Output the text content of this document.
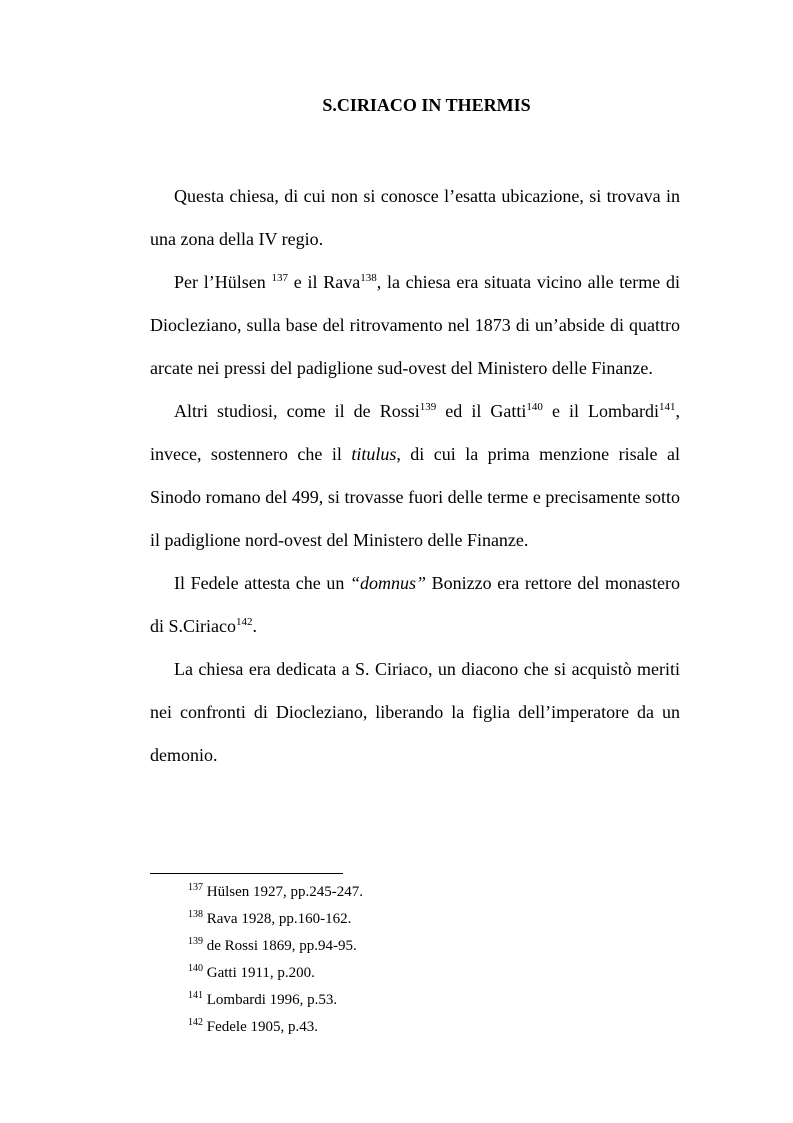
S.CIRIACO IN THERMIS

Questa chiesa, di cui non si conosce l’esatta ubicazione, si trovava in una zona della IV regio.

Per l’Hülsen $^{137}$ e il Rava$^{138}$, la chiesa era situata vicino alle terme di Diocleziano, sulla base del ritrovamento nel 1873 di un’abside di quattro arcate nei pressi del padiglione sud-ovest del Ministero delle Finanze.

Altri studiosi, come il de Rossi$^{139}$ ed il Gatti$^{140}$ e il Lombardi$^{141}$, invece, sostennero che il titulus, di cui la prima menzione risale al Sinodo romano del 499, si trovasse fuori delle terme e precisamente sotto il padiglione nord-ovest del Ministero delle Finanze.

Il Fedele attesta che un “domnus” Bonizzo era rettore del monastero di S.Ciriaco$^{142}$.

La chiesa era dedicata a S. Ciriaco, un diacono che si acquistò meriti nei confronti di Diocleziano, liberando la figlia dell’imperatore da un demonio.

$^{137}$ Hülsen 1927, pp.245-247.
$^{138}$ Rava 1928, pp.160-162.
$^{139}$ de Rossi 1869, pp.94-95.
$^{140}$ Gatti 1911, p.200.
$^{141}$ Lombardi 1996, p.53.
$^{142}$ Fedele 1905, p.43.
